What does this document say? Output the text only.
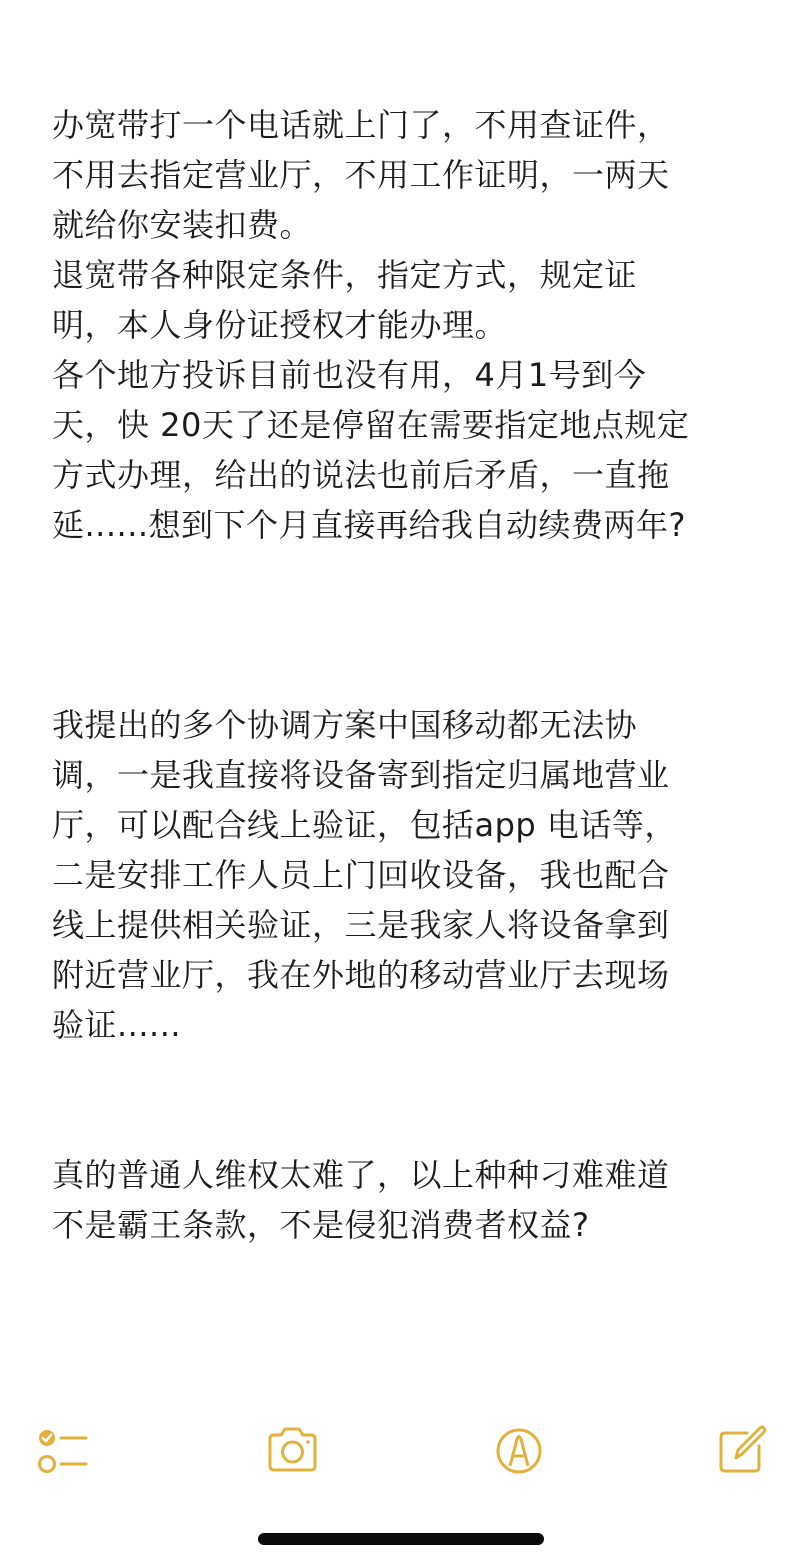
办宽带打一个电话就上门了，不用查证件，
不用去指定营业厅，不用工作证明，一两天
就给你安装扣费。
退宽带各种限定条件，指定方式，规定证
明，本人身份证授权才能办理。
各个地方投诉目前也没有用，4月1号到今
天，快 20天了还是停留在需要指定地点规定
方式办理，给出的说法也前后矛盾，一直拖
延......想到下个月直接再给我自动续费两年?
我提出的多个协调方案中国移动都无法协
调，一是我直接将设备寄到指定归属地营业
厅，可以配合线上验证，包括app 电话等，
二是安排工作人员上门回收设备，我也配合
线上提供相关验证，三是我家人将设备拿到
附近营业厅，我在外地的移动营业厅去现场
验证......
真的普通人维权太难了，以上种种刁难难道
不是霸王条款，不是侵犯消费者权益?
